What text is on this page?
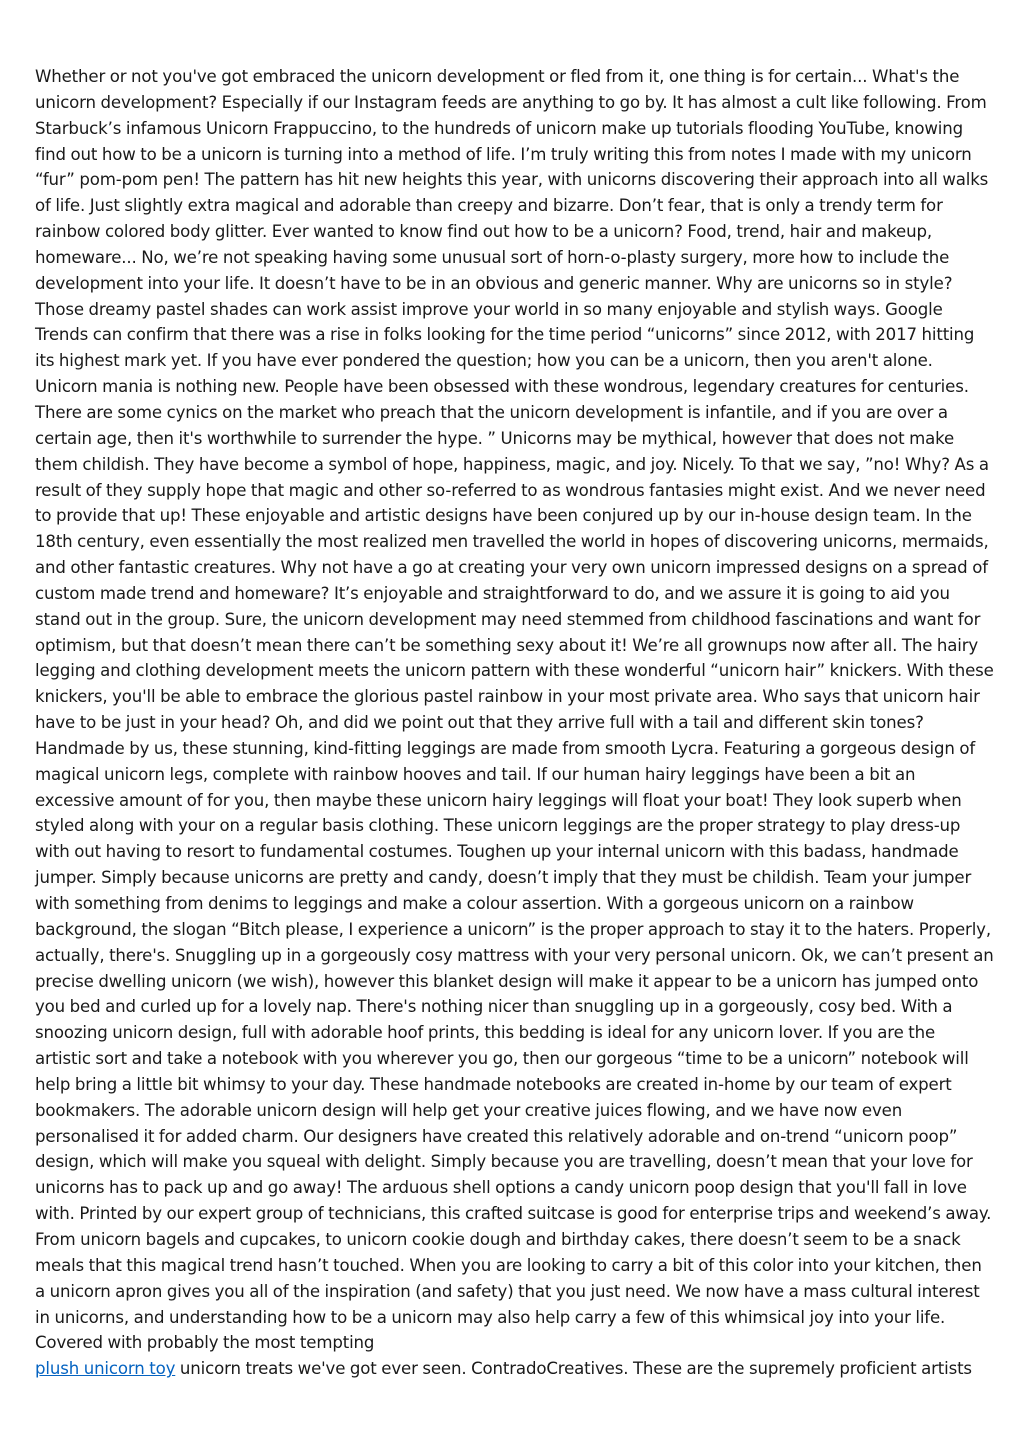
Whether or not you've got embraced the unicorn development or fled from it, one thing is for certain... What's the unicorn development? Especially if our Instagram feeds are anything to go by. It has almost a cult like following. From Starbuck’s infamous Unicorn Frappuccino, to the hundreds of unicorn make up tutorials flooding YouTube, knowing find out how to be a unicorn is turning into a method of life. I’m truly writing this from notes I made with my unicorn “fur” pom-pom pen! The pattern has hit new heights this year, with unicorns discovering their approach into all walks of life. Just slightly extra magical and adorable than creepy and bizarre. Don’t fear, that is only a trendy term for rainbow colored body glitter. Ever wanted to know find out how to be a unicorn? Food, trend, hair and makeup, homeware... No, we’re not speaking having some unusual sort of horn-o-plasty surgery, more how to include the development into your life. It doesn’t have to be in an obvious and generic manner. Why are unicorns so in style? Those dreamy pastel shades can work assist improve your world in so many enjoyable and stylish ways. Google Trends can confirm that there was a rise in folks looking for the time period “unicorns” since 2012, with 2017 hitting its highest mark yet. If you have ever pondered the question; how you can be a unicorn, then you aren't alone. Unicorn mania is nothing new. People have been obsessed with these wondrous, legendary creatures for centuries. There are some cynics on the market who preach that the unicorn development is infantile, and if you are over a certain age, then it's worthwhile to surrender the hype. ” Unicorns may be mythical, however that does not make them childish. They have become a symbol of hope, happiness, magic, and joy. Nicely. To that we say, ”no! Why? As a result of they supply hope that magic and other so-referred to as wondrous fantasies might exist. And we never need to provide that up! These enjoyable and artistic designs have been conjured up by our in-house design team. In the 18th century, even essentially the most realized men travelled the world in hopes of discovering unicorns, mermaids, and other fantastic creatures. Why not have a go at creating your very own unicorn impressed designs on a spread of custom made trend and homeware? It’s enjoyable and straightforward to do, and we assure it is going to aid you stand out in the group. Sure, the unicorn development may need stemmed from childhood fascinations and want for optimism, but that doesn’t mean there can’t be something sexy about it! We’re all grownups now after all. The hairy legging and clothing development meets the unicorn pattern with these wonderful “unicorn hair” knickers. With these knickers, you'll be able to embrace the glorious pastel rainbow in your most private area. Who says that unicorn hair have to be just in your head? Oh, and did we point out that they arrive full with a tail and different skin tones? Handmade by us, these stunning, kind-fitting leggings are made from smooth Lycra. Featuring a gorgeous design of magical unicorn legs, complete with rainbow hooves and tail. If our human hairy leggings have been a bit an excessive amount of for you, then maybe these unicorn hairy leggings will float your boat! They look superb when styled along with your on a regular basis clothing. These unicorn leggings are the proper strategy to play dress-up with out having to resort to fundamental costumes. Toughen up your internal unicorn with this badass, handmade jumper. Simply because unicorns are pretty and candy, doesn’t imply that they must be childish. Team your jumper with something from denims to leggings and make a colour assertion. With a gorgeous unicorn on a rainbow background, the slogan “Bitch please, I experience a unicorn” is the proper approach to stay it to the haters. Properly, actually, there's. Snuggling up in a gorgeously cosy mattress with your very personal unicorn. Ok, we can’t present an precise dwelling unicorn (we wish), however this blanket design will make it appear to be a unicorn has jumped onto you bed and curled up for a lovely nap. There's nothing nicer than snuggling up in a gorgeously, cosy bed. With a snoozing unicorn design, full with adorable hoof prints, this bedding is ideal for any unicorn lover. If you are the artistic sort and take a notebook with you wherever you go, then our gorgeous “time to be a unicorn” notebook will help bring a little bit whimsy to your day. These handmade notebooks are created in-home by our team of expert bookmakers. The adorable unicorn design will help get your creative juices flowing, and we have now even personalised it for added charm. Our designers have created this relatively adorable and on-trend “unicorn poop” design, which will make you squeal with delight. Simply because you are travelling, doesn’t mean that your love for unicorns has to pack up and go away! The arduous shell options a candy unicorn poop design that you'll fall in love with. Printed by our expert group of technicians, this crafted suitcase is good for enterprise trips and weekend’s away. From unicorn bagels and cupcakes, to unicorn cookie dough and birthday cakes, there doesn’t seem to be a snack meals that this magical trend hasn’t touched. When you are looking to carry a bit of this color into your kitchen, then a unicorn apron gives you all of the inspiration (and safety) that you just need. We now have a mass cultural interest in unicorns, and understanding how to be a unicorn may also help carry a few of this whimsical joy into your life. Covered with probably the most tempting
plush unicorn toy unicorn treats we've got ever seen. ContradoCreatives. These are the supremely proficient artists
